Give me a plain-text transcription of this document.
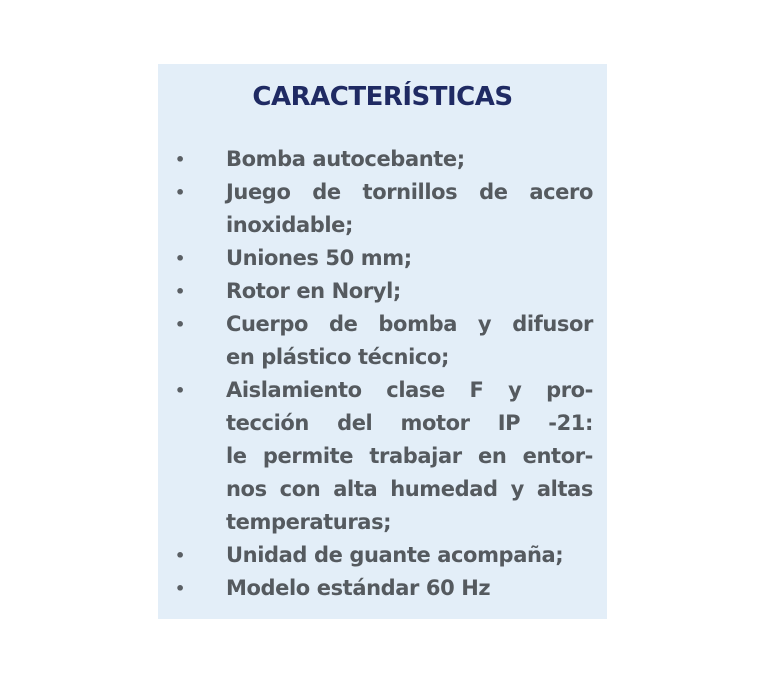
CARACTERÍSTICAS
• Bomba autocebante;
• Juego de tornillos de acero
inoxidable;
• Uniones 50 mm;
• Rotor en Noryl;
• Cuerpo de bomba y difusor
en plástico técnico;
• Aislamiento clase F y pro-
tección del motor IP -21:
le permite trabajar en entor-
nos con alta humedad y altas
temperaturas;
• Unidad de guante acompaña;
• Modelo estándar 60 Hz
